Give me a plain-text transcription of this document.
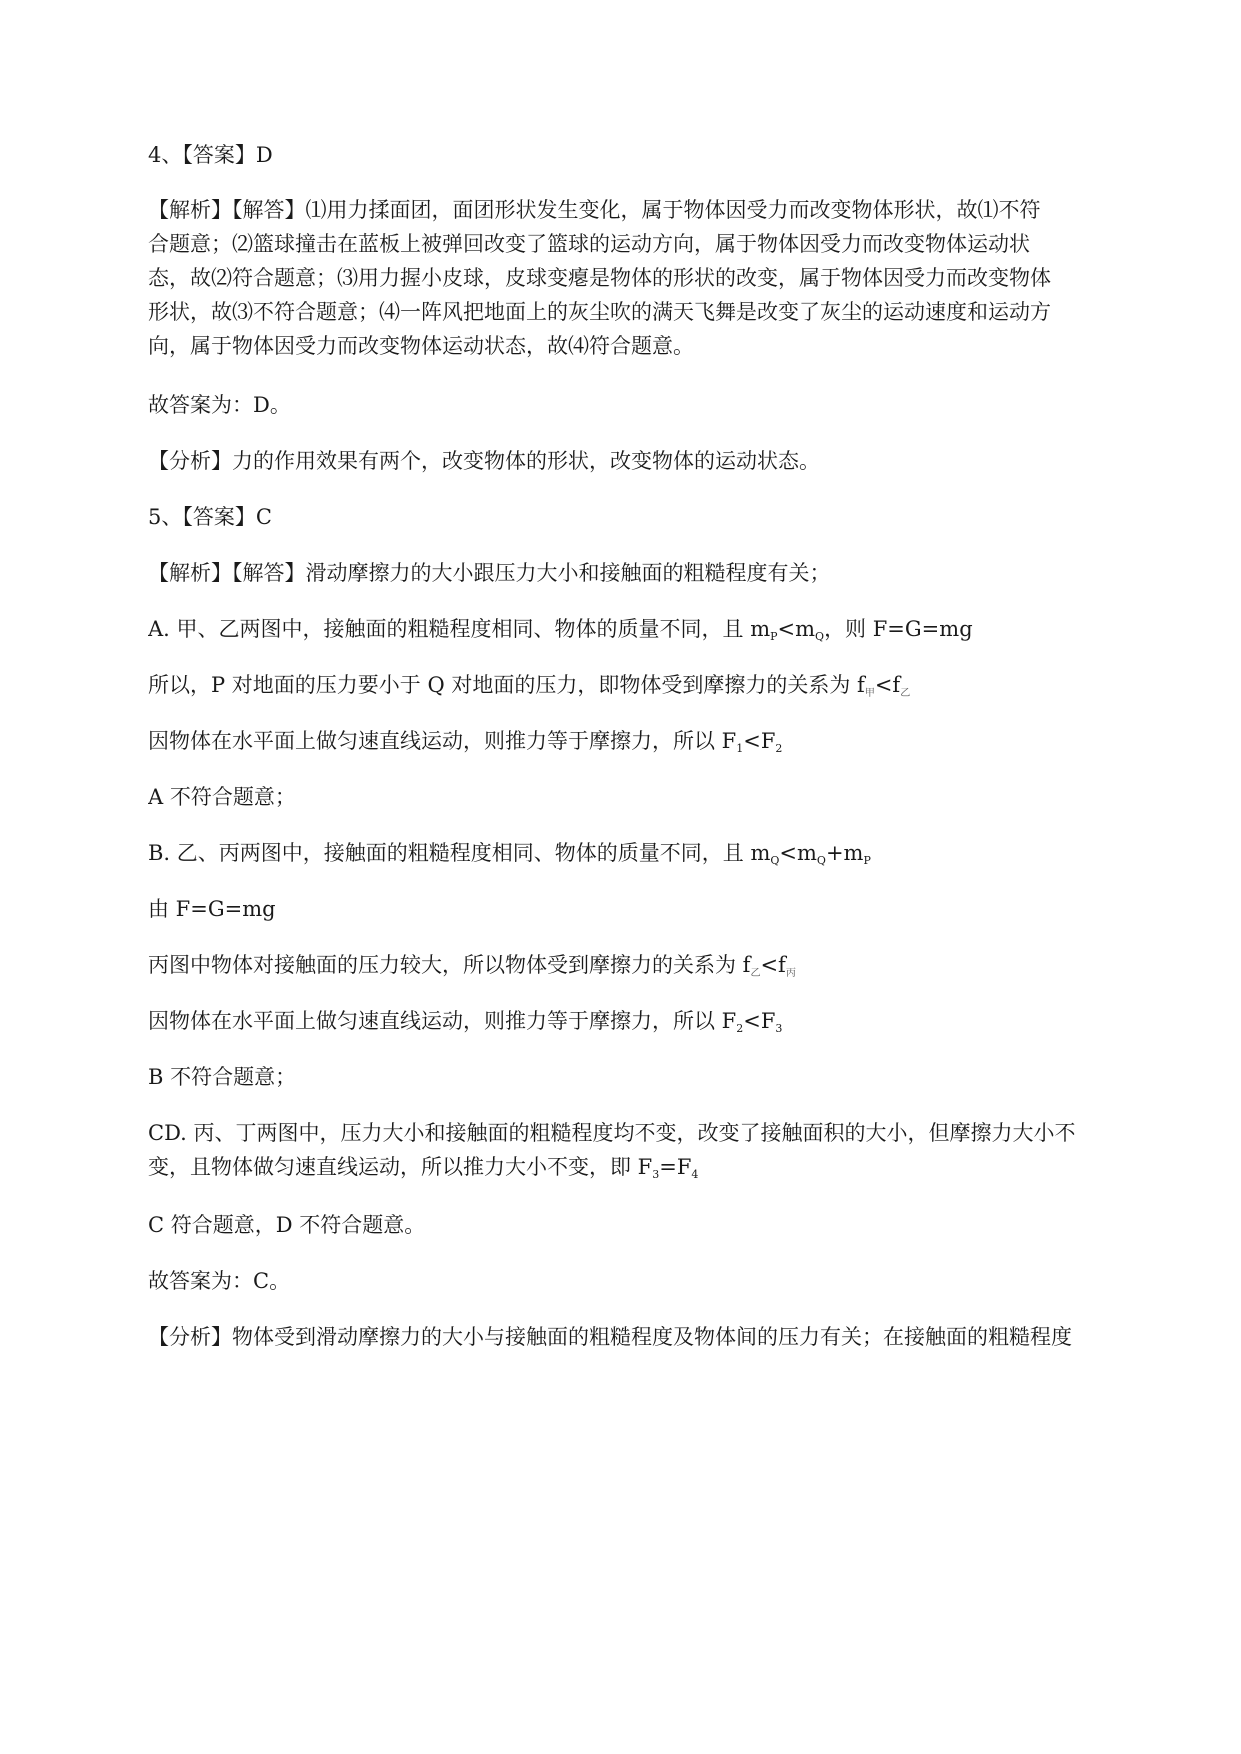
4、【答案】D
【解析】【解答】⑴用力揉面团，面团形状发生变化，属于物体因受力而改变物体形状，故⑴不符
合题意；⑵篮球撞击在蓝板上被弹回改变了篮球的运动方向，属于物体因受力而改变物体运动状
态，故⑵符合题意；⑶用力握小皮球，皮球变瘪是物体的形状的改变，属于物体因受力而改变物体
形状，故⑶不符合题意；⑷一阵风把地面上的灰尘吹的满天飞舞是改变了灰尘的运动速度和运动方
向，属于物体因受力而改变物体运动状态，故⑷符合题意。
故答案为：D。
【分析】力的作用效果有两个，改变物体的形状，改变物体的运动状态。
5、【答案】C
【解析】【解答】滑动摩擦力的大小跟压力大小和接触面的粗糙程度有关；
A. 甲、乙两图中，接触面的粗糙程度相同、物体的质量不同，且 $m_P<m_Q$，则 F=G=mg
所以，P 对地面的压力要小于 Q 对地面的压力，即物体受到摩擦力的关系为 f甲<f乙
因物体在水平面上做匀速直线运动，则推力等于摩擦力，所以 $F_1<F_2$
A 不符合题意；
B. 乙、丙两图中，接触面的粗糙程度相同、物体的质量不同，且 $m_Q<m_Q+m_P$
由 F=G=mg
丙图中物体对接触面的压力较大，所以物体受到摩擦力的关系为 f乙<f丙
因物体在水平面上做匀速直线运动，则推力等于摩擦力，所以 $F_2<F_3$
B 不符合题意；
CD. 丙、丁两图中，压力大小和接触面的粗糙程度均不变，改变了接触面积的大小，但摩擦力大小不
变，且物体做匀速直线运动，所以推力大小不变，即 $F_3=F_4$
C 符合题意，D 不符合题意。
故答案为：C。
【分析】物体受到滑动摩擦力的大小与接触面的粗糙程度及物体间的压力有关；在接触面的粗糙程度
